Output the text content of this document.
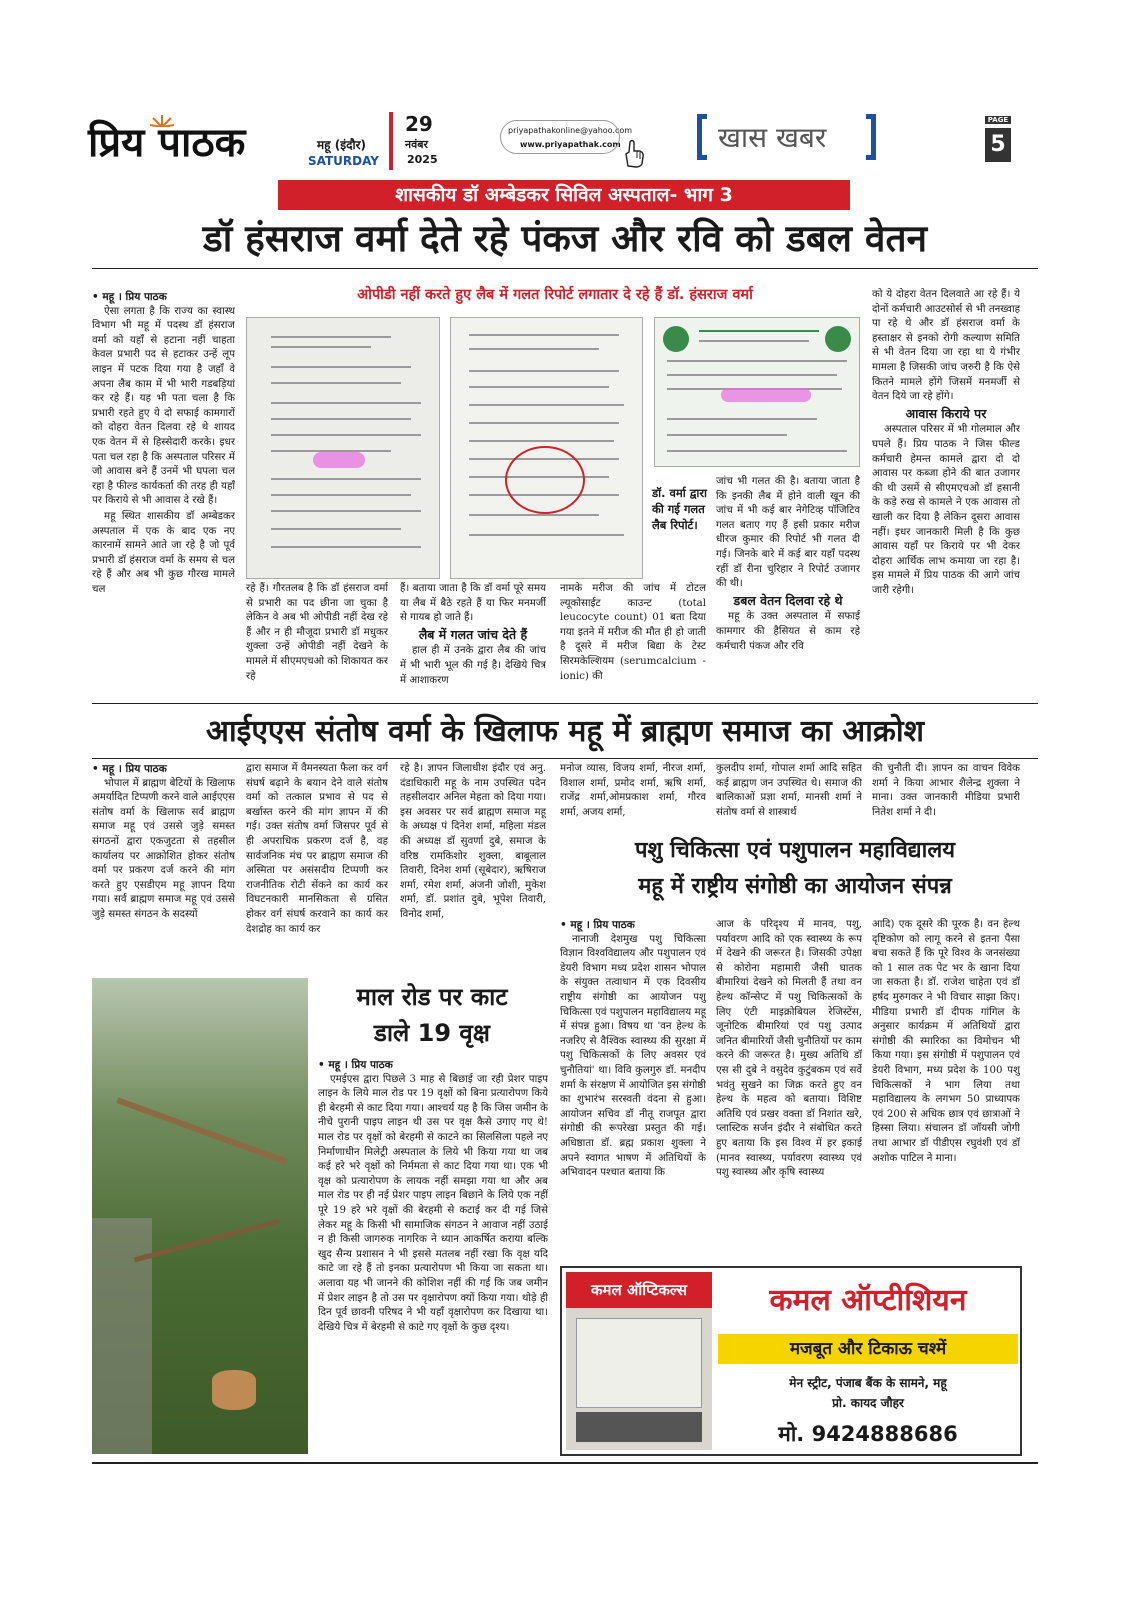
प्रिय पाठक	महू (इंदौर)
SATURDAY
29
नवंबर
2025
priyapathakonline@yahoo.com
www.priyapathak.com	खास खबर
PAGE
5
शासकीय डॉ अम्बेडकर सिविल अस्पताल- भाग 3
डॉ हंसराज वर्मा देते रहे पंकज और रवि को डबल वेतन
• महू । प्रिय पाठक

ऐसा लगता है कि राज्य का स्वास्थ विभाग भी महू में पदस्थ डॉ हंसराज वर्मा को यहाँ से हटाना नहीं चाहता केवल प्रभारी पद से हटाकर उन्हें लूप लाइन में पटक दिया गया है जहाँ वे अपना लैब काम में भी भारी गडबड़ियां कर रहे हैं। यह भी पता चला है कि प्रभारी रहते हुए ये दो सफाई कामगारों को दोहरा वेतन दिलवा रहे थे शायद एक वेतन में से हिस्सेदारी करके। इधर पता चल रहा है कि अस्पताल परिसर में जो आवास बने हैं उनमें भी घपला चल रहा है फील्ड कार्यकर्ता की तरह ही यहाँ पर किराये से भी आवास दे रखे हैं।

महू स्थित शासकीय डॉ अम्बेडकर अस्पताल में एक के बाद एक नए कारनामें सामने आते जा रहे है जो पूर्व प्रभारी डॉ हंसराज वर्मा के समय से चल रहे हैं और अब भी कुछ गौरख मामले चल

ओपीडी नहीं करते हुए लैब में गलत रिपोर्ट लगातार दे रहे हैं डॉ. हंसराज वर्मा
डॉ. वर्मा द्वारा की गई गलत लैब रिपोर्ट।

रहे हैं। गौरतलब है कि डॉ हंसराज वर्मा से प्रभारी का पद छीना जा चुका है लेकिन वे अब भी ओपीडी नहीं देख रहे हैं और न ही मौजूदा प्रभारी डॉ मधुकर शुक्ला उन्हें ओपीडी नहीं देखने के मामले में सीएमएचओ को शिकायत कर रहे

हैं। बताया जाता है कि डॉ वर्मा पूरे समय या लैब में बैठे रहते हैं या फिर मनमर्जी से गायब हो जाते हैं।

लैब में गलत जांच देते हैं

हाल ही में उनके द्वारा लैब की जांच में भी भारी भूल की गई है। देखिये चित्र में आशाकरण

नामके मरीज की जांच में टोटल ल्यूकोसाईट काउन्ट (total leucocyte count) 01 बता दिया गया इतने में मरीज की मौत ही हो जाती है दूसरे में मरीज बिद्या के टेस्ट सिरमकेल्शियम (serumcalcium -ionic) की

जांच भी गलत की है। बताया जाता है कि इनकी लैब में होने वाली खून की जांच में भी कई बार नेगेटिव्ह पॉजिटिव गलत बताए गए हैं इसी प्रकार मरीज धीरज कुमार की रिपोर्ट भी गलत दी गई। जिनके बारे में कई बार यहाँ पदस्थ रहीं डॉ रीना चुरिहार ने रिपोर्ट उजागर की थी।

डबल वेतन दिलवा रहे थे

महू के उक्त अस्पताल में सफाई कामगार की हैसियत से काम रहे कर्मचारी पंकज और रवि

को ये दोहरा वेतन दिलवाते आ रहे हैं। ये दोनों कर्मचारी आउटसोर्स से भी तनख्वाह पा रहे थे और डॉ हंसराज वर्मा के हस्ताक्षर से इनको रोगी कल्याण समिति से भी वेतन दिया जा रहा था ये गंभीर मामला है जिसकी जांच जरुरी है कि ऐसे कितने मामले होंगे जिसमें मनमर्जी से वेतन दिये जा रहे होंगे।

आवास किराये पर

अस्पताल परिसर में भी गोलमाल और घपले हैं। प्रिय पाठक ने जिस फील्ड कर्मचारी हेमन्त कामले द्वारा दो दो आवास पर कब्जा होने की बात उजागर की थी उसमें से सीएमएचओ डॉ हसानी के कड़े रुख से कामले ने एक आवास तो खाली कर दिया है लेकिन दूसरा आवास नहीं। इधर जानकारी मिली है कि कुछ आवास यहाँ पर किराये पर भी देकर दोहरा आर्थिक लाभ कमाया जा रहा है। इस मामले में प्रिय पाठक की आगे जांच जारी रहेगी।

आईएएस संतोष वर्मा के खिलाफ महू में ब्राह्मण समाज का आक्रोश
• महू । प्रिय पाठक

भोपाल में ब्राह्मण बेटियों के खिलाफ अमर्यादित टिप्पणी करने वाले आईएएस संतोष वर्मा के खिलाफ सर्व ब्राह्मण समाज महू एवं उससे जुड़े समस्त संगठनों द्वारा एकजुटता से तहसील कार्यालय पर आक्रोशित होकर संतोष वर्मा पर प्रकरण दर्ज करने की मांग करते हुए एसडीएम महू ज्ञापन दिया गया। सर्व ब्राह्मण समाज महू एवं उससे जुड़े समस्त संगठन के सदस्यों

द्वारा समाज में वैमनस्यता फैला कर वर्ग संघर्ष बढ़ाने के बयान देने वाले संतोष वर्मा को तत्काल प्रभाव से पद से बर्खास्त करने की मांग ज्ञापन में की गई। उक्त संतोष वर्मा जिसपर पूर्व से ही अपराधिक प्रकरण दर्ज है, वह सार्वजनिक मंच पर ब्राह्मण समाज की अस्मिता पर असंसदीय टिप्पणी कर राजनीतिक रोटी सेंकने का कार्य कर विघटनकारी मानसिकता से ग्रसित होकर वर्ग संघर्ष करवाने का कार्य कर देशद्रोह का कार्य कर

रहे है। ज्ञापन जिलाधीश इंदौर एवं अनु. दंडाधिकारी महू के नाम उपस्थित पदेन तहसीलदार अनिल मेहता को दिया गया। इस अवसर पर सर्व ब्राह्मण समाज महू के अध्यक्ष पं दिनेश शर्मा, महिला मंडल की अध्यक्ष डॉ सुवर्णा दुबे, समाज के वरिष्ठ रामकिशोर शुक्ला, बाबूलाल तिवारी, दिनेश शर्मा (सूबेदार), ऋषिराज शर्मा, रमेश शर्मा, अंजनी जोशी, मुकेश शर्मा, डॉ. प्रशांत दुबे, भूपेश तिवारी, विनोद शर्मा,

मनोज व्यास, विजय शर्मा, नीरज शर्मा, विशाल शर्मा, प्रमोद शर्मा, ऋषि शर्मा, राजेंद्र शर्मा,ओमप्रकाश शर्मा, गौरव शर्मा, अजय शर्मा,

कुलदीप शर्मा, गोपाल शर्मा आदि सहित कई ब्राह्मण जन उपस्थित थे। समाज की बालिकाओं प्रज्ञा शर्मा, मानसी शर्मा ने संतोष वर्मा से शास्त्रार्थ

की चुनौती दी। ज्ञापन का वाचन विवेक शर्मा ने किया आभार शैलेन्द्र शुक्ला ने माना। उक्त जानकारी मीडिया प्रभारी नितेश शर्मा ने दी।

पशु चिकित्सा एवं पशुपालन महाविद्यालय
महू में राष्ट्रीय संगोष्ठी का आयोजन संपन्न
• महू । प्रिय पाठक

नानाजी देशमुख पशु चिकित्सा विज्ञान विश्वविद्यालय और पशुपालन एवं डेयरी विभाग मध्य प्रदेश शासन भोपाल के संयुक्त तत्वाधान में एक दिवसीय राष्ट्रीय संगोष्ठी का आयोजन पशु चिकित्सा एवं पशुपालन महाविद्यालय महू में संपन्न हुआ। विषय था 'वन हेल्थ के नजरिए से वैश्विक स्वास्थ्य की सुरक्षा में पशु चिकित्सकों के लिए अवसर एवं चुनौतियां' था। विवि कुलगुरु डॉ. मनदीप शर्मा के संरक्षण में आयोजित इस संगोष्ठी का शुभारंभ सरस्वती वंदना से हुआ। आयोजन सचिव डॉ नीतू राजपूत द्वारा संगोष्ठी की रूपरेखा प्रस्तुत की गई। अधिष्ठाता डॉ. ब्रह्म प्रकाश शुक्ला ने अपने स्वागत भाषण में अतिथियों के अभिवादन पश्चात बताया कि

आज के परिदृश्य में मानव, पशु, पर्यावरण आदि को एक स्वास्थ्य के रूप में देखने की जरूरत है। जिसकी उपेक्षा से कोरोना महामारी जैसी घातक बीमारियां देखने को मिलती हैं तथा वन हेल्थ कॉन्सेप्ट में पशु चिकित्सकों के लिए एंटी माइक्रोबियल रेजिस्टेंस, जूनोटिक बीमारियां एवं पशु उत्पाद जनित बीमारियों जैसी चुनौतियों पर काम करने की जरूरत है। मुख्य अतिथि डॉ एस सी दुबे ने वसुदेव कुटुंबकम एवं सर्वे भवंतु सुखने का जिक्र करते हुए वन हेल्थ के महत्व को बताया। विशिष्ट अतिथि एवं प्रखर वक्ता डॉ निशांत खरे, प्लास्टिक सर्जन इंदौर ने संबोधित करते हुए बताया कि इस विश्व में हर इकाई (मानव स्वास्थ्य, पर्यावरण स्वास्थ्य एवं पशु स्वास्थ्य और कृषि स्वास्थ्य

आदि) एक दूसरे की पूरक है। वन हेल्थ दृष्टिकोण को लागू करने से इतना पैसा बचा सकते हैं कि पूरे विश्व के जनसंख्या को 1 साल तक पेट भर के खाना दिया जा सकता है। डॉ. राजेश चाहेता एवं डॉ हर्षद मुरुगकर ने भी विचार साझा किए। मीडिया प्रभारी डॉ दीपक गांगिल के अनुसार कार्यक्रम में अतिथियों द्वारा संगोष्ठी की स्मारिका का विमोचन भी किया गया। इस संगोष्ठी में पशुपालन एवं डेयरी विभाग, मध्य प्रदेश के 100 पशु चिकित्सकों ने भाग लिया तथा महाविद्यालय के लगभग 50 प्राध्यापक एवं 200 से अधिक छात्र एवं छात्राओं ने हिस्सा लिया। संचालन डॉ जॉयसी जोगी तथा आभार डॉ पीडीएस रघुवंशी एवं डॉ अशोक पाटिल ने माना।

माल रोड पर काट
डाले 19 वृक्ष
• महू । प्रिय पाठक

एमईएस द्वारा पिछले 3 माह से बिछाई जा रही प्रेशर पाइप लाइन के लिये माल रोड पर 19 वृक्षों को बिना प्रत्यारोपण किये ही बेरहमी से काट दिया गया। आश्चर्य यह है कि जिस जमीन के नीचे पुरानी पाइप लाइन थी उस पर वृक्ष कैसे उगाए गए थे! माल रोड पर वृक्षों को बेरहमी से काटने का सिलसिला पहले नए निर्माणाधीन मिलेट्री अस्पताल के लिये भी किया गया था जब कई हरे भरे वृक्षों को निर्ममता से काट दिया गया था। एक भी वृक्ष को प्रत्यारोपण के लायक नहीं समझा गया था और अब माल रोड पर ही नई प्रेशर पाइप लाइन बिछाने के लिये एक नहीं पूरे 19 हरे भरे वृक्षों की बेरहमी से कटाई कर दी गई जिसे लेकर महू के किसी भी सामाजिक संगठन ने आवाज नहीं उठाई न ही किसी जागरुक नागरिक ने ध्यान आकर्षित कराया बल्कि खुद सैन्य प्रशासन ने भी इससे मतलब नहीं रखा कि वृक्ष यदि काटे जा रहे हैं तो इनका प्रत्यारोपण भी किया जा सकता था। अलावा यह भी जानने की कोशिश नहीं की गई कि जब जमीन में प्रेशर लाइन है तो उस पर वृक्षारोपण क्यों किया गया। थोड़े ही दिन पूर्व छावनी परिषद ने भी यहाँ वृक्षारोपण कर दिखाया था। देखिये चित्र में बेरहमी से काटे गए वृक्षों के कुछ दृश्य।

कमल ऑप्टिकल्स	कमल ऑप्टीशियन
मजबूत और टिकाऊ चश्में
मेन स्ट्रीट, पंजाब बैंक के सामने, महू
प्रो. कायद जौहर
मो. 9424888686
